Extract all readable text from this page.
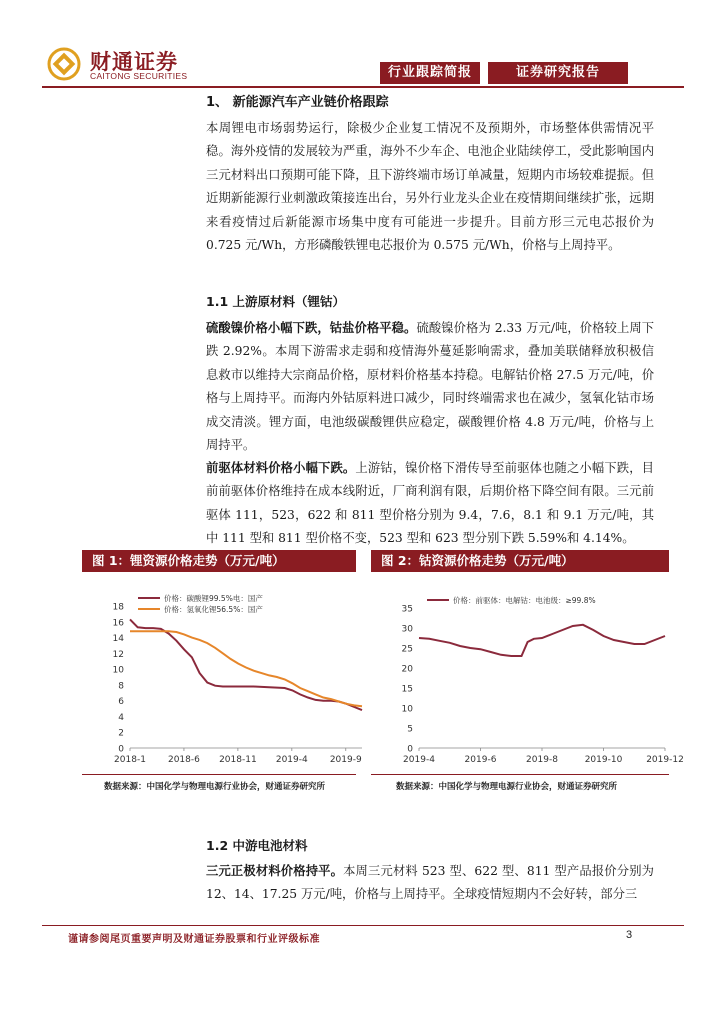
财通证券
CAITONG SECURITIES	行业跟踪简报	证券研究报告
1、 新能源汽车产业链价格跟踪

本周锂电市场弱势运行，除极少企业复工情况不及预期外，市场整体供需情况平稳。海外疫情的发展较为严重，海外不少车企、电池企业陆续停工，受此影响国内三元材料出口预期可能下降，且下游终端市场订单减量，短期内市场较难提振。但近期新能源行业刺激政策接连出台，另外行业龙头企业在疫情期间继续扩张，远期来看疫情过后新能源市场集中度有可能进一步提升。目前方形三元电芯报价为 0.725 元/Wh，方形磷酸铁锂电芯报价为 0.575 元/Wh，价格与上周持平。

1.1 上游原材料（锂钴）

硫酸镍价格小幅下跌，钴盐价格平稳。硫酸镍价格为 2.33 万元/吨，价格较上周下跌 2.92%。本周下游需求走弱和疫情海外蔓延影响需求，叠加美联储释放积极信息救市以维持大宗商品价格，原材料价格基本持稳。电解钴价格 27.5 万元/吨，价格与上周持平。而海内外钴原料进口减少，同时终端需求也在减少，氢氧化钴市场成交清淡。锂方面，电池级碳酸锂供应稳定，碳酸锂价格 4.8 万元/吨，价格与上周持平。

前驱体材料价格小幅下跌。上游钴，镍价格下滑传导至前驱体也随之小幅下跌，目前前驱体价格维持在成本线附近，厂商利润有限，后期价格下降空间有限。三元前驱体 111，523，622 和 811 型价格分别为 9.4，7.6，8.1 和 9.1 万元/吨，其中 111 型和 811 型价格不变，523 型和 623 型分别下跌 5.59%和 4.14%。

图 1：锂资源价格走势（万元/吨）	图 2：钴资源价格走势（万元/吨）
0
2
4
6
8
10
12
14
16
18
2018-1 2018-6 2018-11 2019-4 2019-9
价格：碳酸锂99.5%电：国产
价格：氢氧化锂56.5%：国产
0
5
10
15
20
25
30
35
2019-4	2019-6	2019-8	2019-10	2019-12
价格：前驱体：电解钴：电池级：≥99.8%
数据来源：中国化学与物理电源行业协会，财通证券研究所	数据来源：中国化学与物理电源行业协会，财通证券研究所
1.2 中游电池材料

三元正极材料价格持平。本周三元材料 523 型、622 型、811 型产品报价分别为 12、14、17.25 万元/吨，价格与上周持平。全球疫情短期内不会好转，部分三

谨请参阅尾页重要声明及财通证券股票和行业评级标准	3
